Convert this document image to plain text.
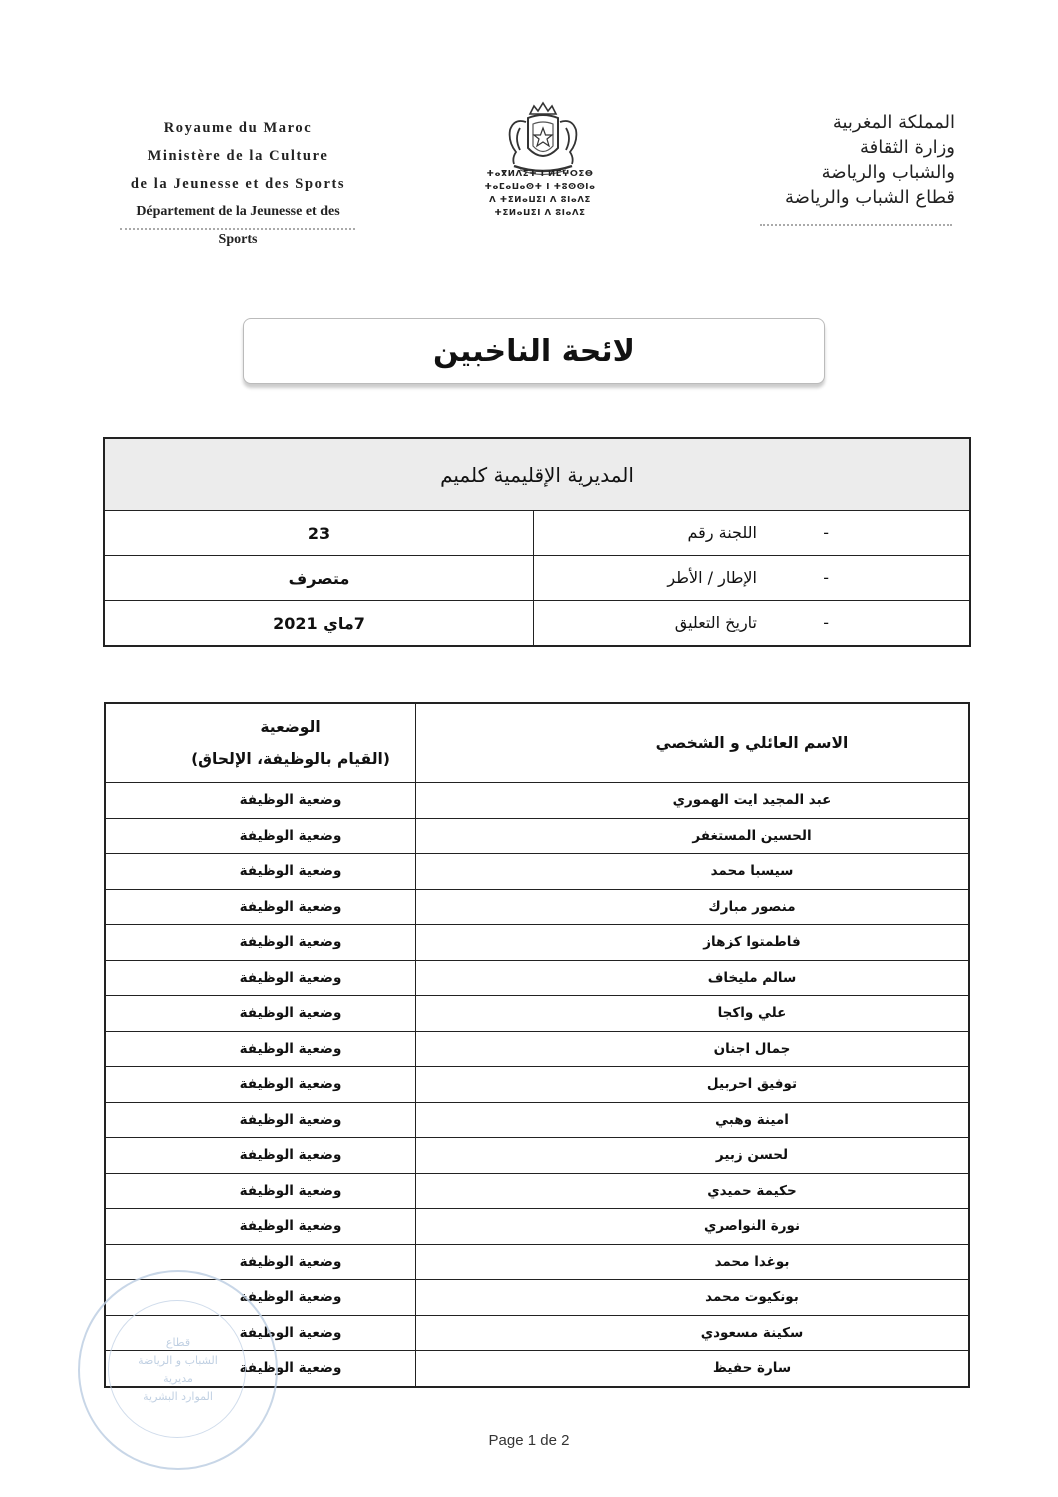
Royaume du Maroc
Ministère de la Culture
de la Jeunesse et des Sports
Département de la Jeunesse et des Sports
ⵜⴰⴳⵍⴷⵉⵜ ⵏ ⵍⵎⵖⵔⵉⴱ
ⵜⴰⵎⴰⵡⴰⵙⵜ ⵏ ⵜⵓⵙⵙⵏⴰ
ⴷ ⵜⵉⵍⴰⵡⵉⵏ ⴷ ⵓⵏⴰⴷⵉ
ⵜⵉⵍⴰⵡⵉⵏ ⴷ ⵓⵏⴰⴷⵉ
المملكة المغربية
وزارة الثقافة
والشباب والرياضة
قطاع الشباب والرياضة
لائحة الناخبين
المديرية الإقليمية كلميم	

-
اللجنة رقم	23

-
الإطار / الأطر	متصرف

-
تاريخ التعليق	7ماي 2021
الاسم العائلي و الشخصي	الوضعية
(القيام بالوظيفة، الإلحاق)

عبد المجيد ايت الهموري	وضعية الوظيفة
الحسين المستغفر	وضعية الوظيفة
سيسبا محمد	وضعية الوظيفة
منصور مبارك	وضعية الوظيفة
فاطمتوا كزهاز	وضعية الوظيفة
سالم مليخاف	وضعية الوظيفة
علي واكجا	وضعية الوظيفة
جمال اجنان	وضعية الوظيفة
توفيق احربيل	وضعية الوظيفة
امينة وهبي	وضعية الوظيفة
لحسن زبير	وضعية الوظيفة
حكيمة حميدي	وضعية الوظيفة
نورة النواصري	وضعية الوظيفة
بوغدا محمد	وضعية الوظيفة
بونكيوت محمد	وضعية الوظيفة
سكينة مسعودي	وضعية الوظيفة
سارة حفيظ	وضعية الوظيفة
قطاع
الشباب و الرياضة
مديرية
الموارد البشرية
Page 1 de 2
